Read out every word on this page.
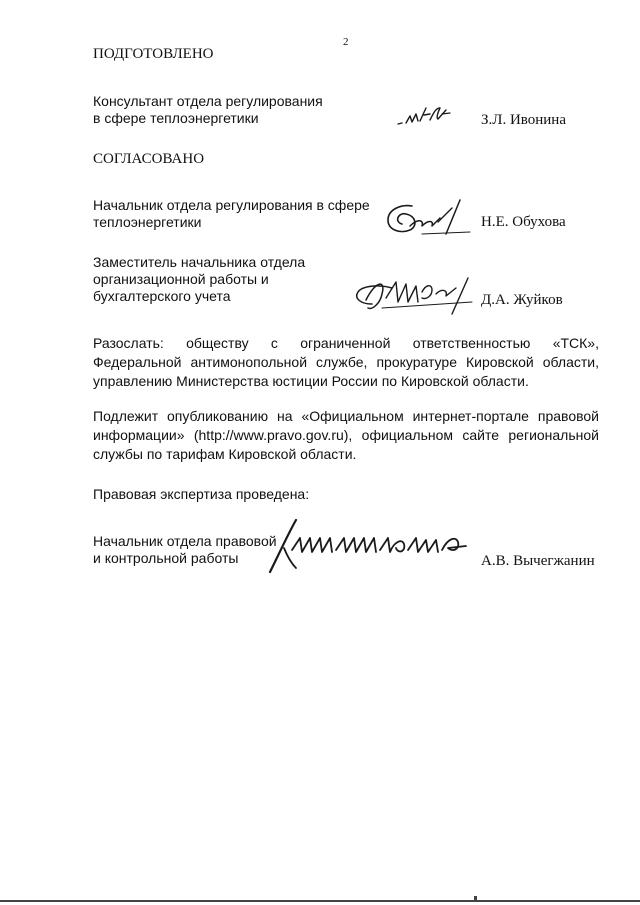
2
ПОДГОТОВЛЕНО
Консультант отдела регулирования
в сфере теплоэнергетики	З.Л. Ивонина
СОГЛАСОВАНО
Начальник отдела регулирования в сфере
теплоэнергетики	Н.Е. Обухова
Заместитель начальника отдела
организационной работы и
бухгалтерского учета	Д.А. Жуйков
Разослать: обществу с ограниченной ответственностью «ТСК», Федеральной антимонопольной службе, прокуратуре Кировской области, управлению Министерства юстиции России по Кировской области.
Подлежит опубликованию на «Официальном интернет-портале правовой информации» (http://www.pravo.gov.ru), официальном сайте региональной службы по тарифам Кировской области.
Правовая экспертиза проведена:
Начальник отдела правовой
и контрольной работы	А.В. Вычегжанин
